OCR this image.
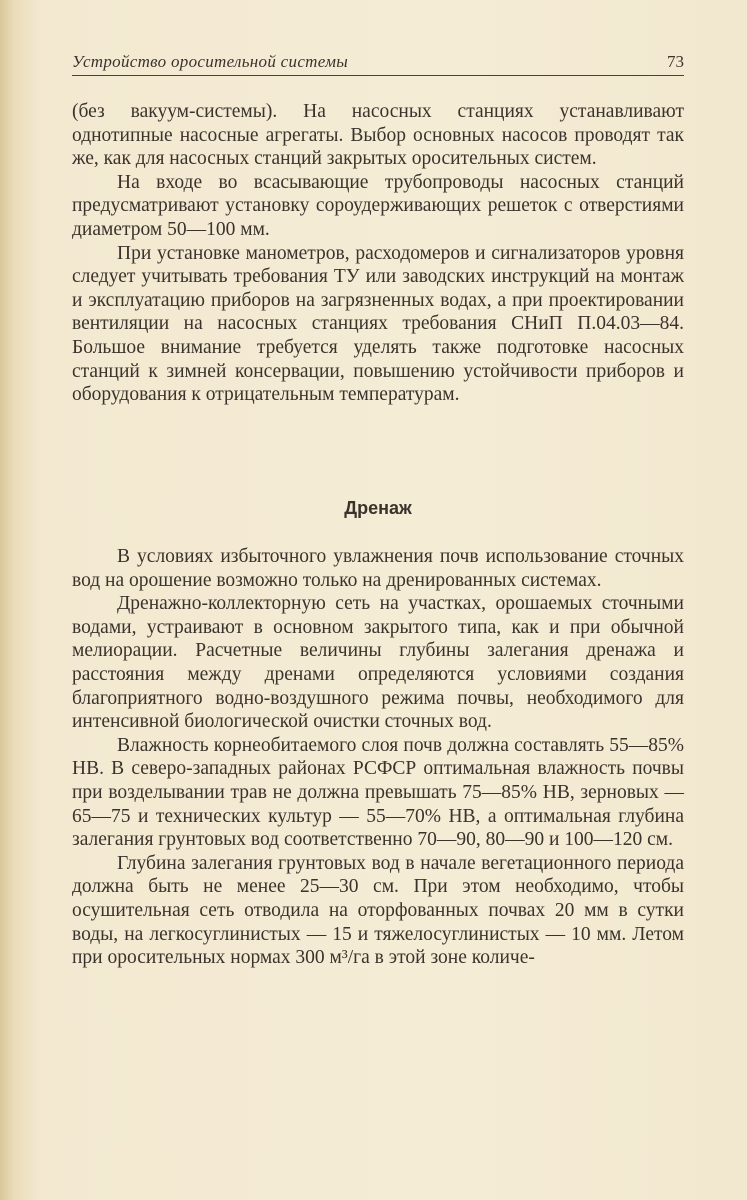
Устройство оросительной системы	73

(без вакуум-системы). На насосных станциях устанавливают однотипные насосные агрегаты. Выбор основных насосов проводят так же, как для насосных станций закрытых оросительных систем.

На входе во всасывающие трубопроводы насосных станций предусматривают установку сороудерживающих решеток с отверстиями диаметром 50—100 мм.

При установке манометров, расходомеров и сигнализаторов уровня следует учитывать требования ТУ или заводских инструкций на монтаж и эксплуатацию приборов на загрязненных водах, а при проектировании вентиляции на насосных станциях требования СНиП П.04.03—84. Большое внимание требуется уделять также подготовке насосных станций к зимней консервации, повышению устойчивости приборов и оборудования к отрицательным температурам.

Дренаж

В условиях избыточного увлажнения почв использование сточных вод на орошение возможно только на дренированных системах.

Дренажно-коллекторную сеть на участках, орошаемых сточными водами, устраивают в основном закрытого типа, как и при обычной мелиорации. Расчетные величины глубины залегания дренажа и расстояния между дренами определяются условиями создания благоприятного водно-воздушного режима почвы, необходимого для интенсивной биологической очистки сточных вод.

Влажность корнеобитаемого слоя почв должна составлять 55—85% НВ. В северо-западных районах РСФСР оптимальная влажность почвы при возделывании трав не должна превышать 75—85% НВ, зерновых — 65—75 и технических культур — 55—70% НВ, а оптимальная глубина залегания грунтовых вод соответственно 70—90, 80—90 и 100—120 см.

Глубина залегания грунтовых вод в начале вегетационного периода должна быть не менее 25—30 см. При этом необходимо, чтобы осушительная сеть отводила на оторфованных почвах 20 мм в сутки воды, на легкосуглинистых — 15 и тяжелосуглинистых — 10 мм. Летом при оросительных нормах 300 м³/га в этой зоне количе-
